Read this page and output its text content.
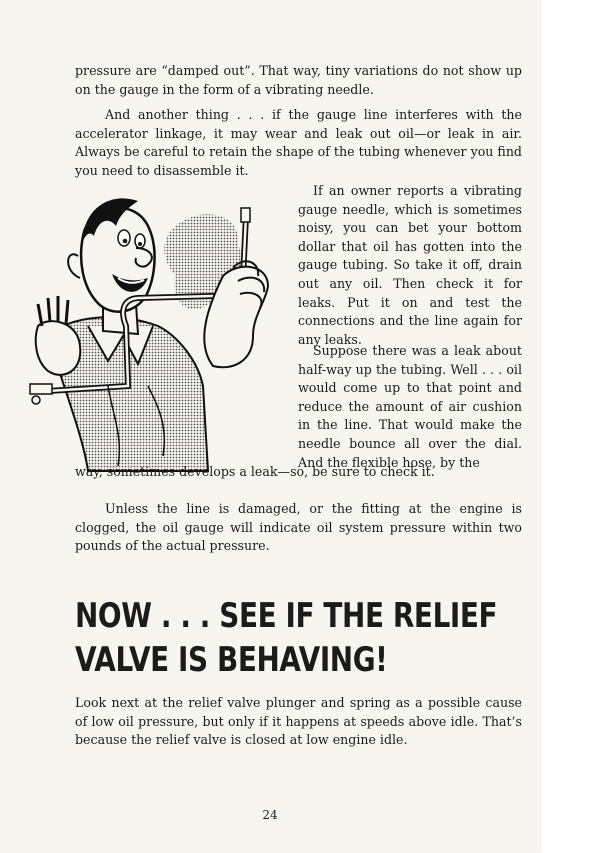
pressure are “damped out”. That way, tiny variations do not show up on the gauge in the form of a vibrating needle.

And another thing . . . if the gauge line interferes with the accelerator linkage, it may wear and leak out oil—or leak in air. Always be careful to retain the shape of the tubing whenever you find you need to disassemble it.

If an owner reports a vibrating gauge needle, which is sometimes noisy, you can bet your bottom dollar that oil has gotten into the gauge tubing. So take it off, drain out any oil. Then check it for leaks. Put it on and test the connections and the line again for any leaks.

Suppose there was a leak about half-way up the tubing. Well . . . oil would come up to that point and reduce the amount of air cushion in the line. That would make the needle bounce all over the dial. And the flexible hose, by the

way, sometimes develops a leak—so, be sure to check it.

Unless the line is damaged, or the fitting at the engine is clogged, the oil gauge will indicate oil system pressure within two pounds of the actual pressure.

NOW . . . SEE IF THE RELIEF
VALVE IS BEHAVING!

Look next at the relief valve plunger and spring as a possible cause of low oil pressure, but only if it happens at speeds above idle. That’s because the relief valve is closed at low engine idle.

24
